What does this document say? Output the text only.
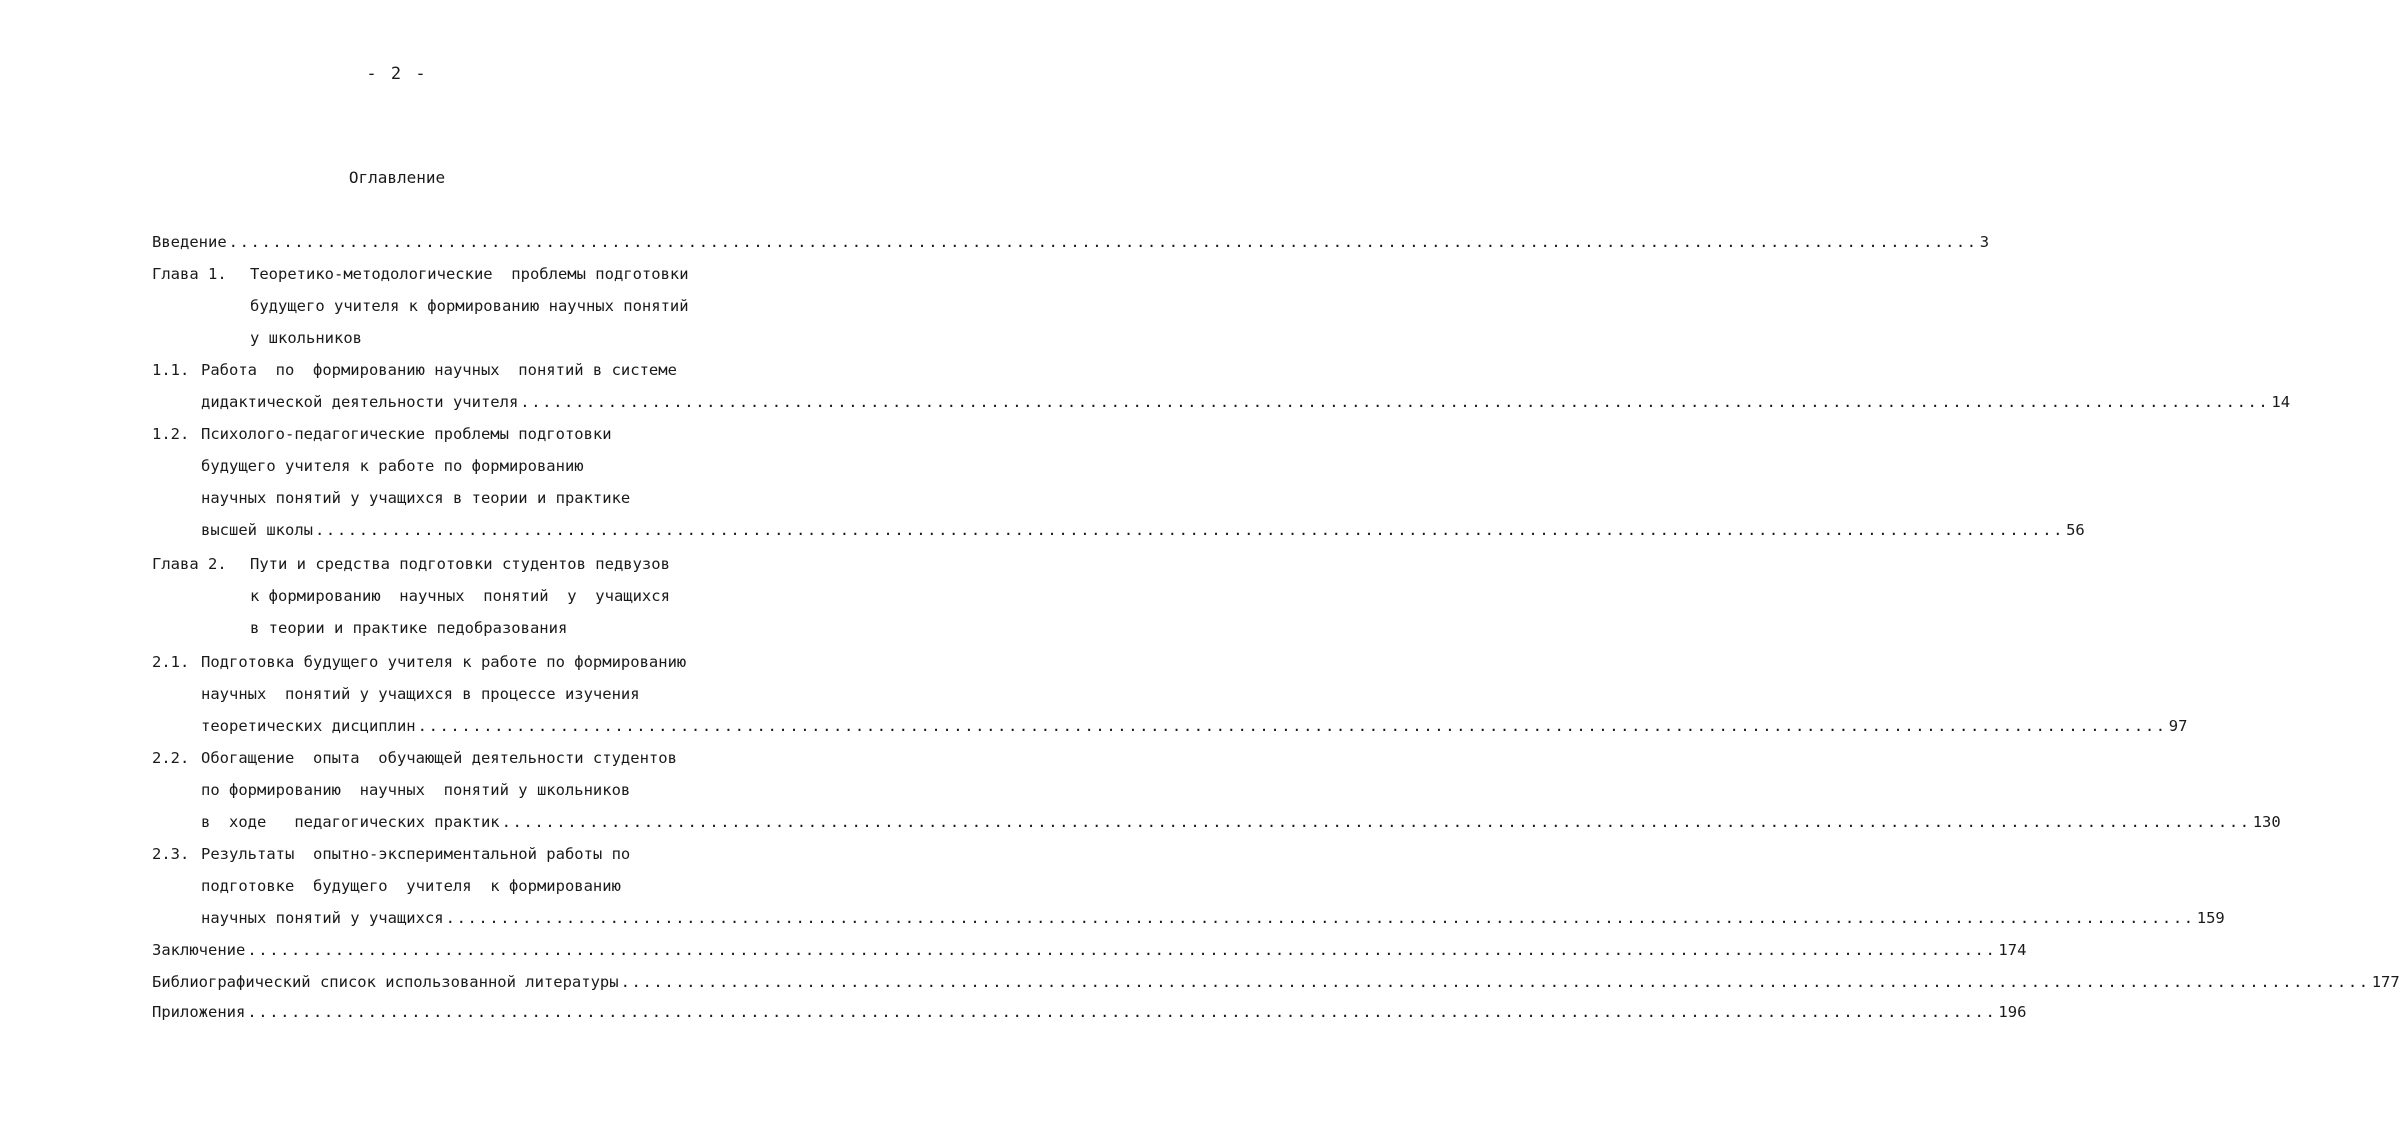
- 2 -
Оглавление
Введение ................................................................................................................................................................ 3
Глава 1. Теоретико-методологические  проблемы подготовки
будущего учителя к формированию научных понятий
у школьников
1.1. Работа  по  формированию научных  понятий в системе
дидактической деятельности учителя ................................................................................................................................................................ 14
1.2. Психолого-педагогические проблемы подготовки
будущего учителя к работе по формированию
научных понятий у учащихся в теории и практике
высшей школы ................................................................................................................................................................ 56
Глава 2. Пути и средства подготовки студентов педвузов
к формированию  научных  понятий  у  учащихся
в теории и практике педобразования
2.1. Подготовка будущего учителя к работе по формированию
научных  понятий у учащихся в процессе изучения
теоретических дисциплин ................................................................................................................................................................ 97
2.2. Обогащение  опыта  обучающей деятельности студентов
по формированию  научных  понятий у школьников
в  ходе   педагогических практик ................................................................................................................................................................ 130
2.3. Результаты  опытно-экспериментальной работы по
подготовке  будущего  учителя  к формированию
научных понятий у учащихся ................................................................................................................................................................ 159
Заключение ................................................................................................................................................................ 174
Библиографический список использованной литературы ................................................................................................................................................................ 177
Приложения ................................................................................................................................................................ 196
